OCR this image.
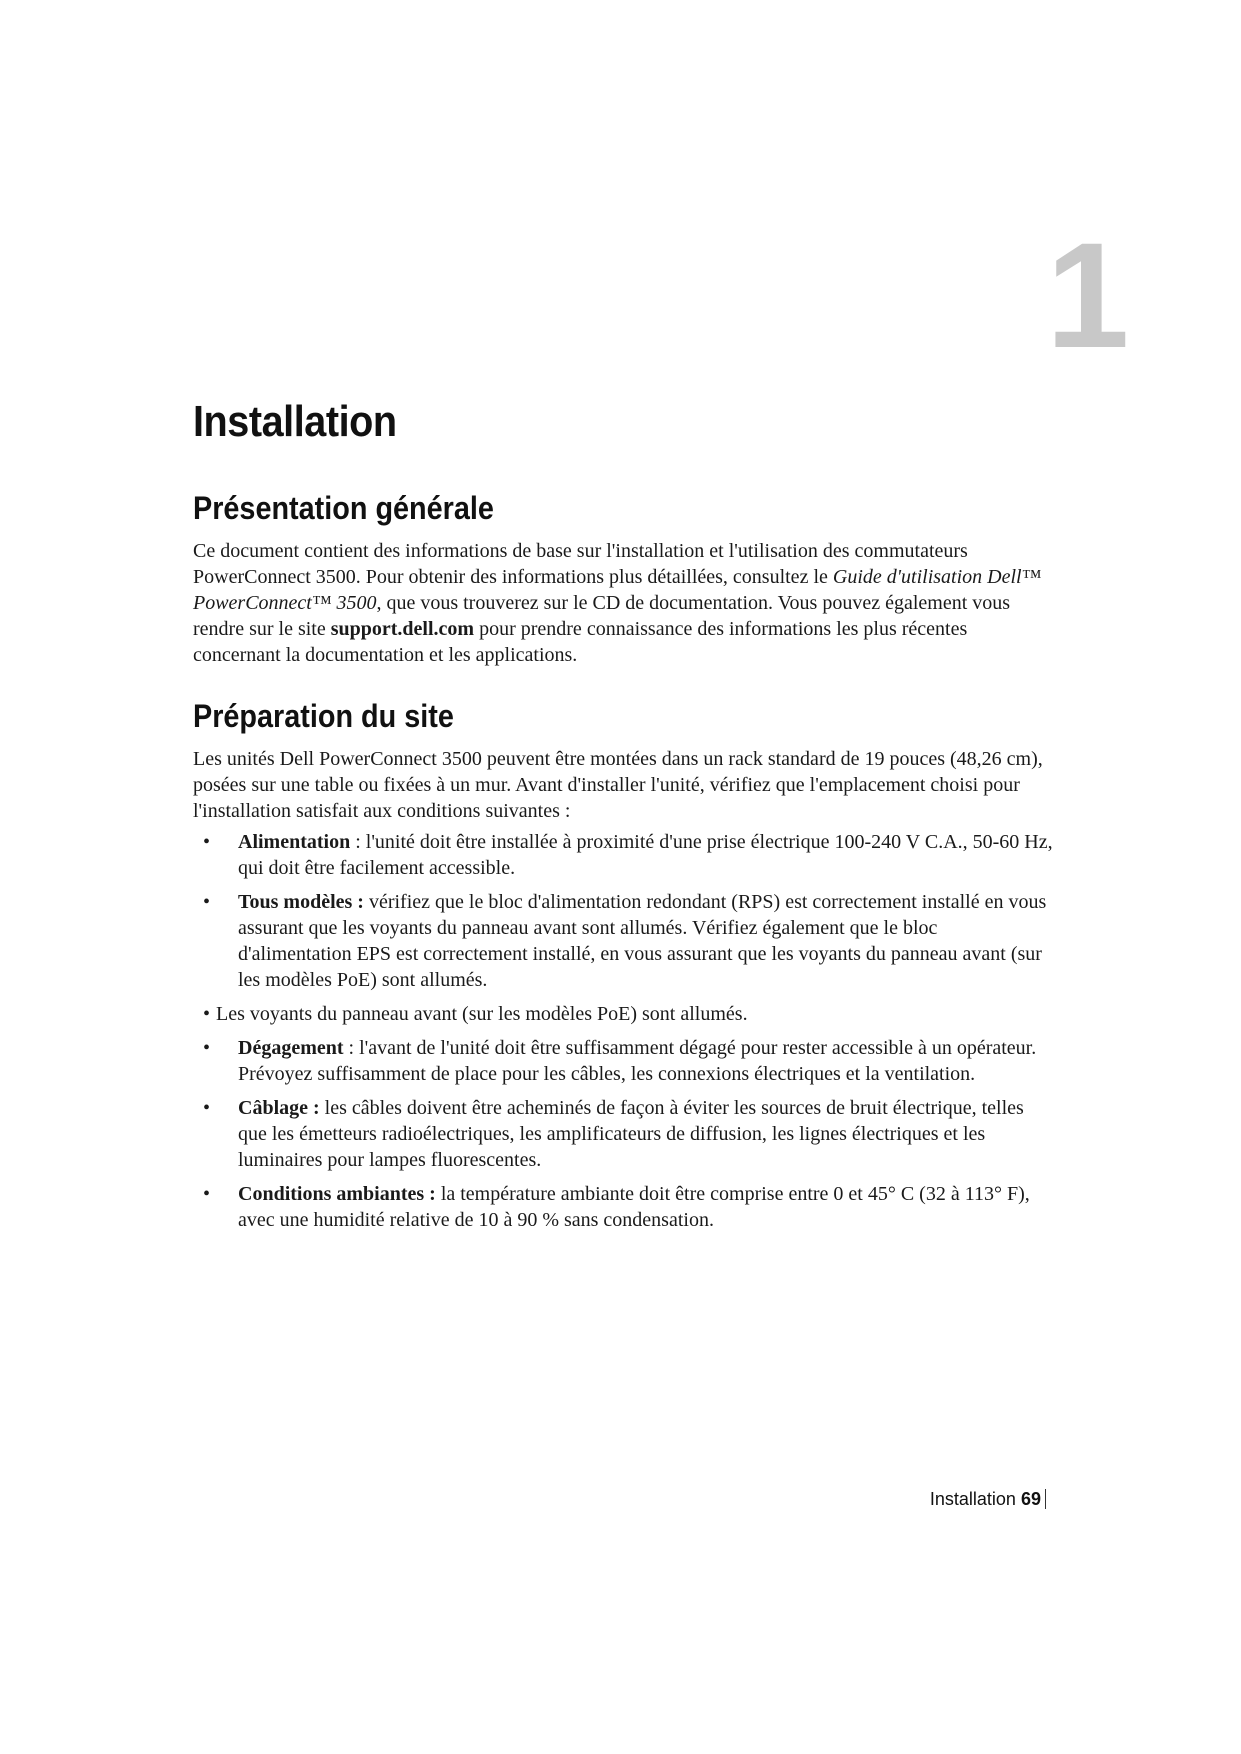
1
Installation
Présentation générale

Ce document contient des informations de base sur l'installation et l'utilisation des commutateurs PowerConnect 3500. Pour obtenir des informations plus détaillées, consultez le Guide d'utilisation Dell™ PowerConnect™ 3500, que vous trouverez sur le CD de documentation. Vous pouvez également vous rendre sur le site support.dell.com pour prendre connaissance des informations les plus récentes concernant la documentation et les applications.

Préparation du site

Les unités Dell PowerConnect 3500 peuvent être montées dans un rack standard de 19 pouces (48,26 cm), posées sur une table ou fixées à un mur. Avant d'installer l'unité, vérifiez que l'emplacement choisi pour l'installation satisfait aux conditions suivantes :

• Alimentation : l'unité doit être installée à proximité d'une prise électrique 100-240 V C.A., 50-60 Hz, qui doit être facilement accessible.
• Tous modèles : vérifiez que le bloc d'alimentation redondant (RPS) est correctement installé en vous assurant que les voyants du panneau avant sont allumés. Vérifiez également que le bloc d'alimentation EPS est correctement installé, en vous assurant que les voyants du panneau avant (sur les modèles PoE) sont allumés.
• Les voyants du panneau avant (sur les modèles PoE) sont allumés.
• Dégagement : l'avant de l'unité doit être suffisamment dégagé pour rester accessible à un opérateur. Prévoyez suffisamment de place pour les câbles, les connexions électriques et la ventilation.
• Câblage : les câbles doivent être acheminés de façon à éviter les sources de bruit électrique, telles que les émetteurs radioélectriques, les amplificateurs de diffusion, les lignes électriques et les luminaires pour lampes fluorescentes.
• Conditions ambiantes : la température ambiante doit être comprise entre 0 et 45° C (32 à 113° F), avec une humidité relative de 10 à 90 % sans condensation.
Installation 69
